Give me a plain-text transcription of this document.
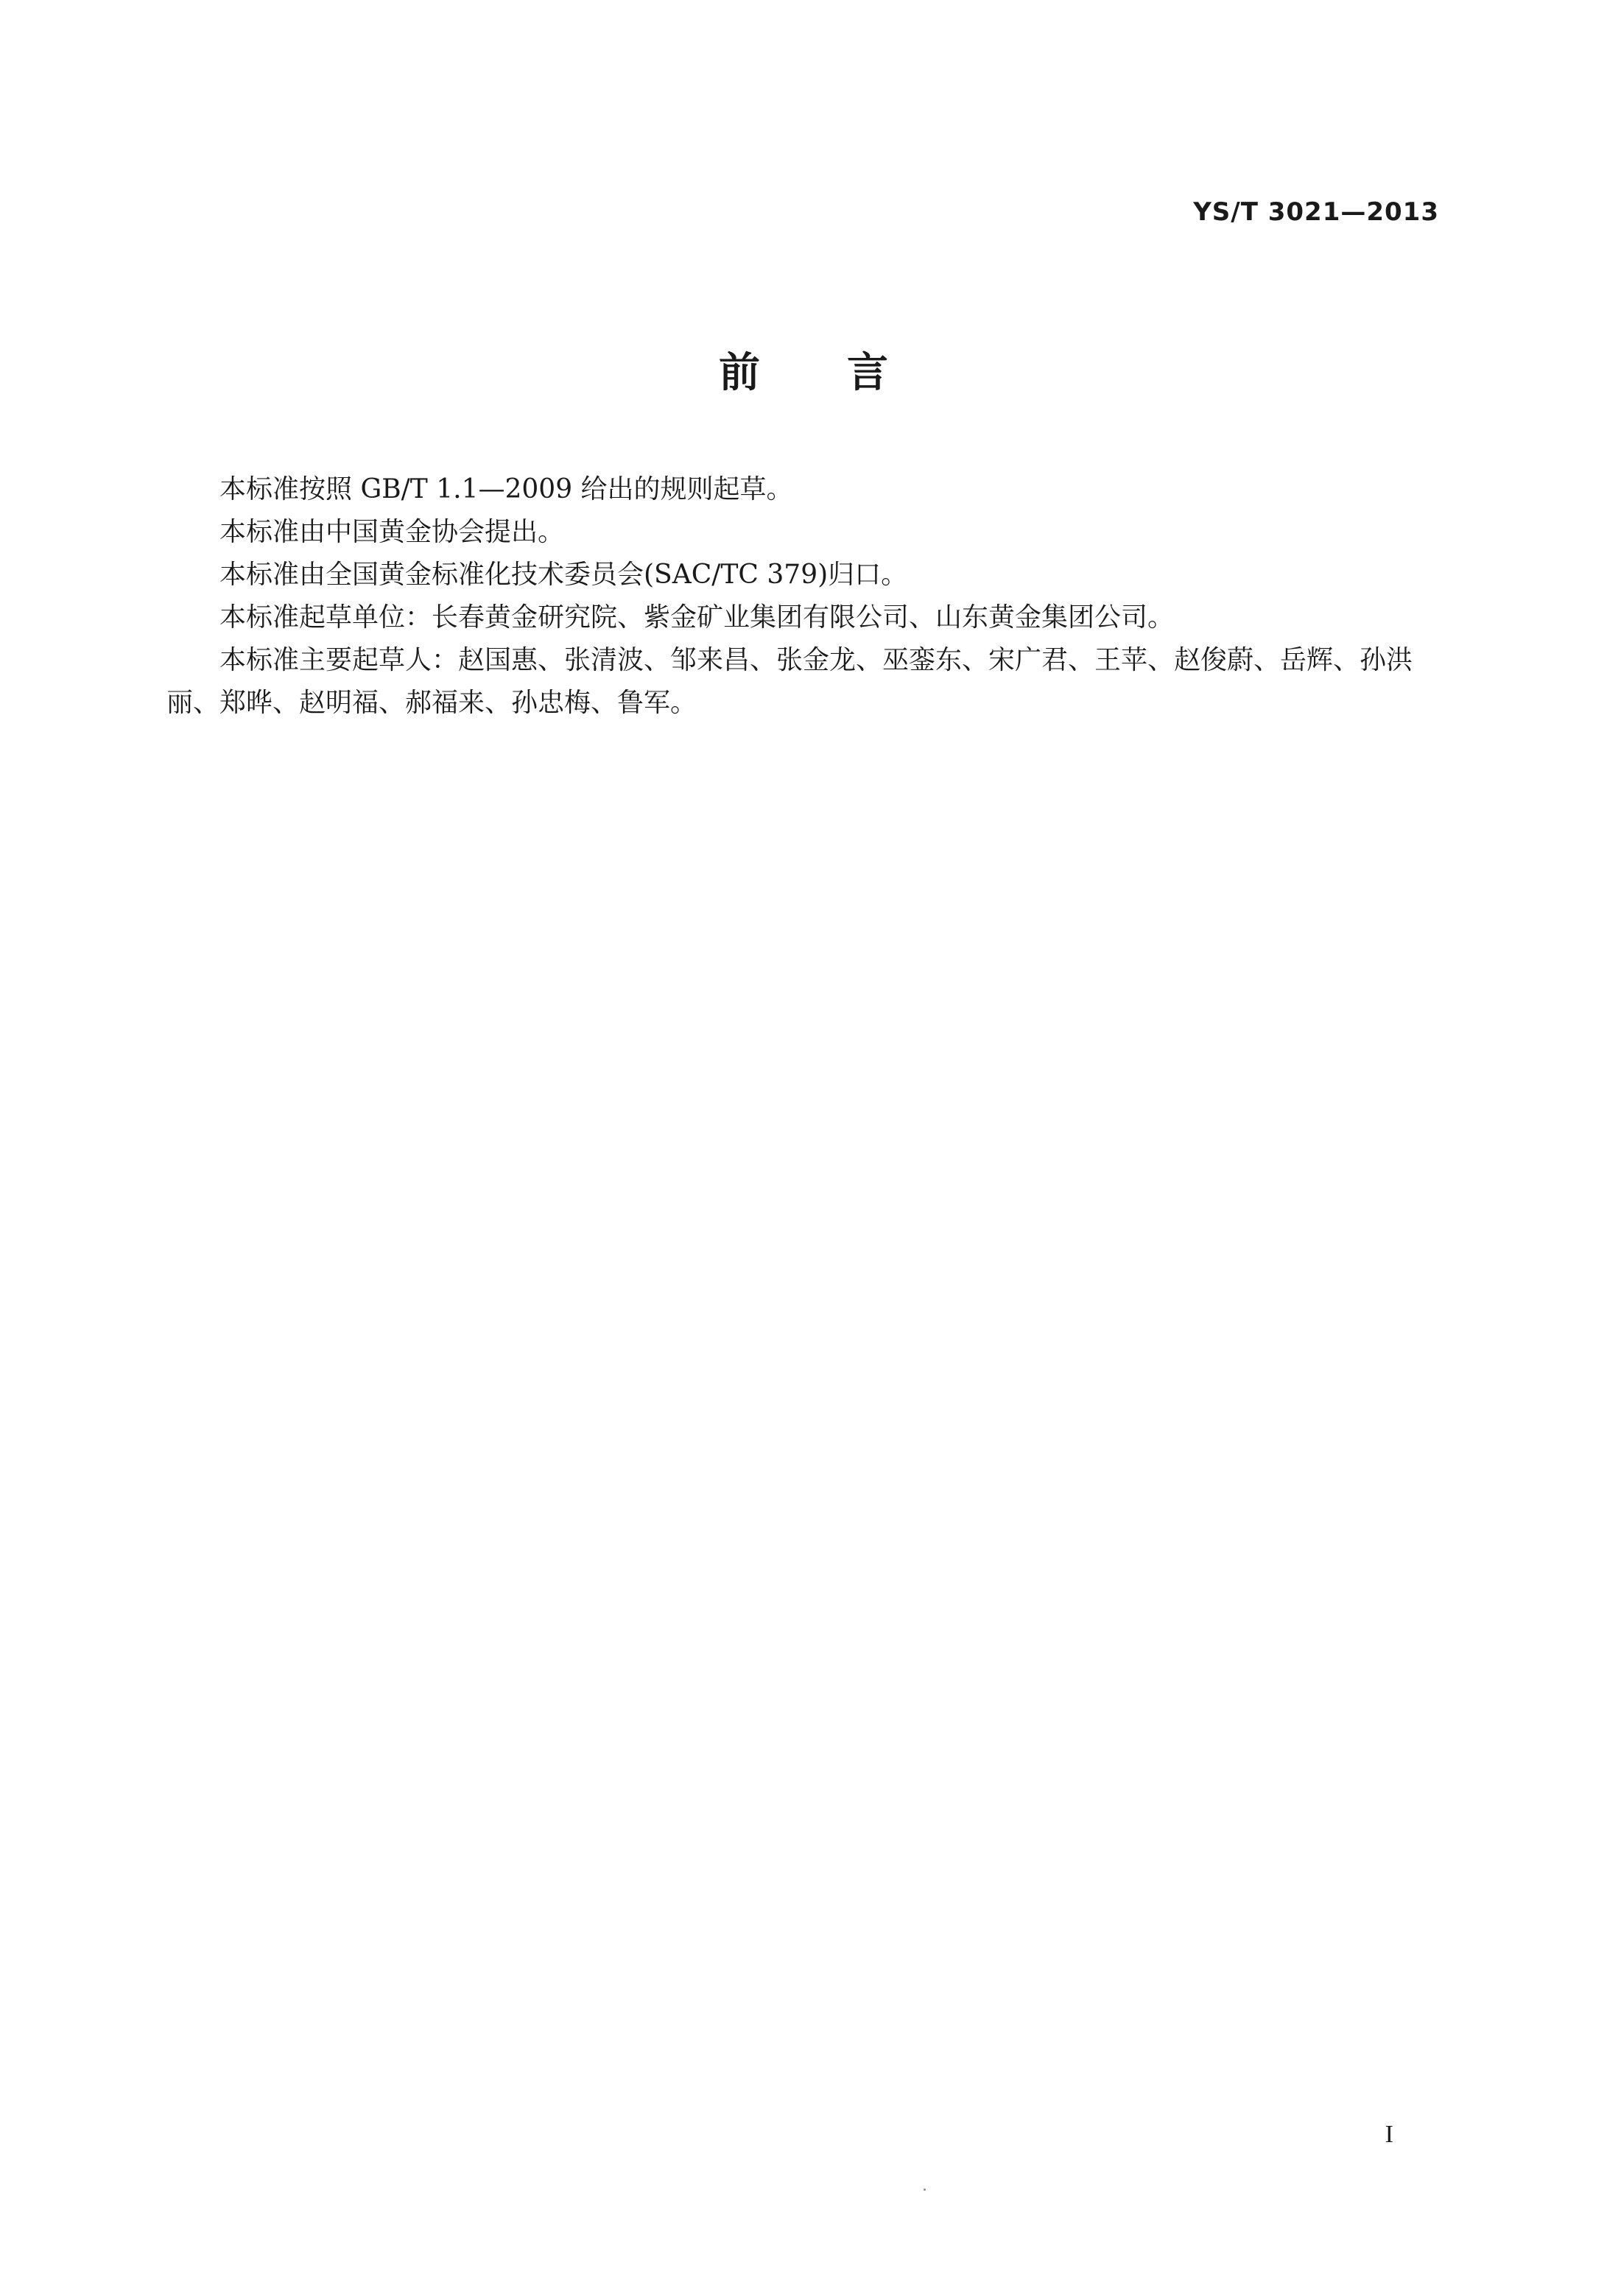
YS/T 3021—2013
前言

本标准按照 GB/T 1.1—2009 给出的规则起草。

本标准由中国黄金协会提出。

本标准由全国黄金标准化技术委员会(SAC/TC 379)归口。

本标准起草单位：长春黄金研究院、紫金矿业集团有限公司、山东黄金集团公司。

本标准主要起草人：赵国惠、张清波、邹来昌、张金龙、巫銮东、宋广君、王苹、赵俊蔚、岳辉、孙洪丽、郑晔、赵明福、郝福来、孙忠梅、鲁军。

I
